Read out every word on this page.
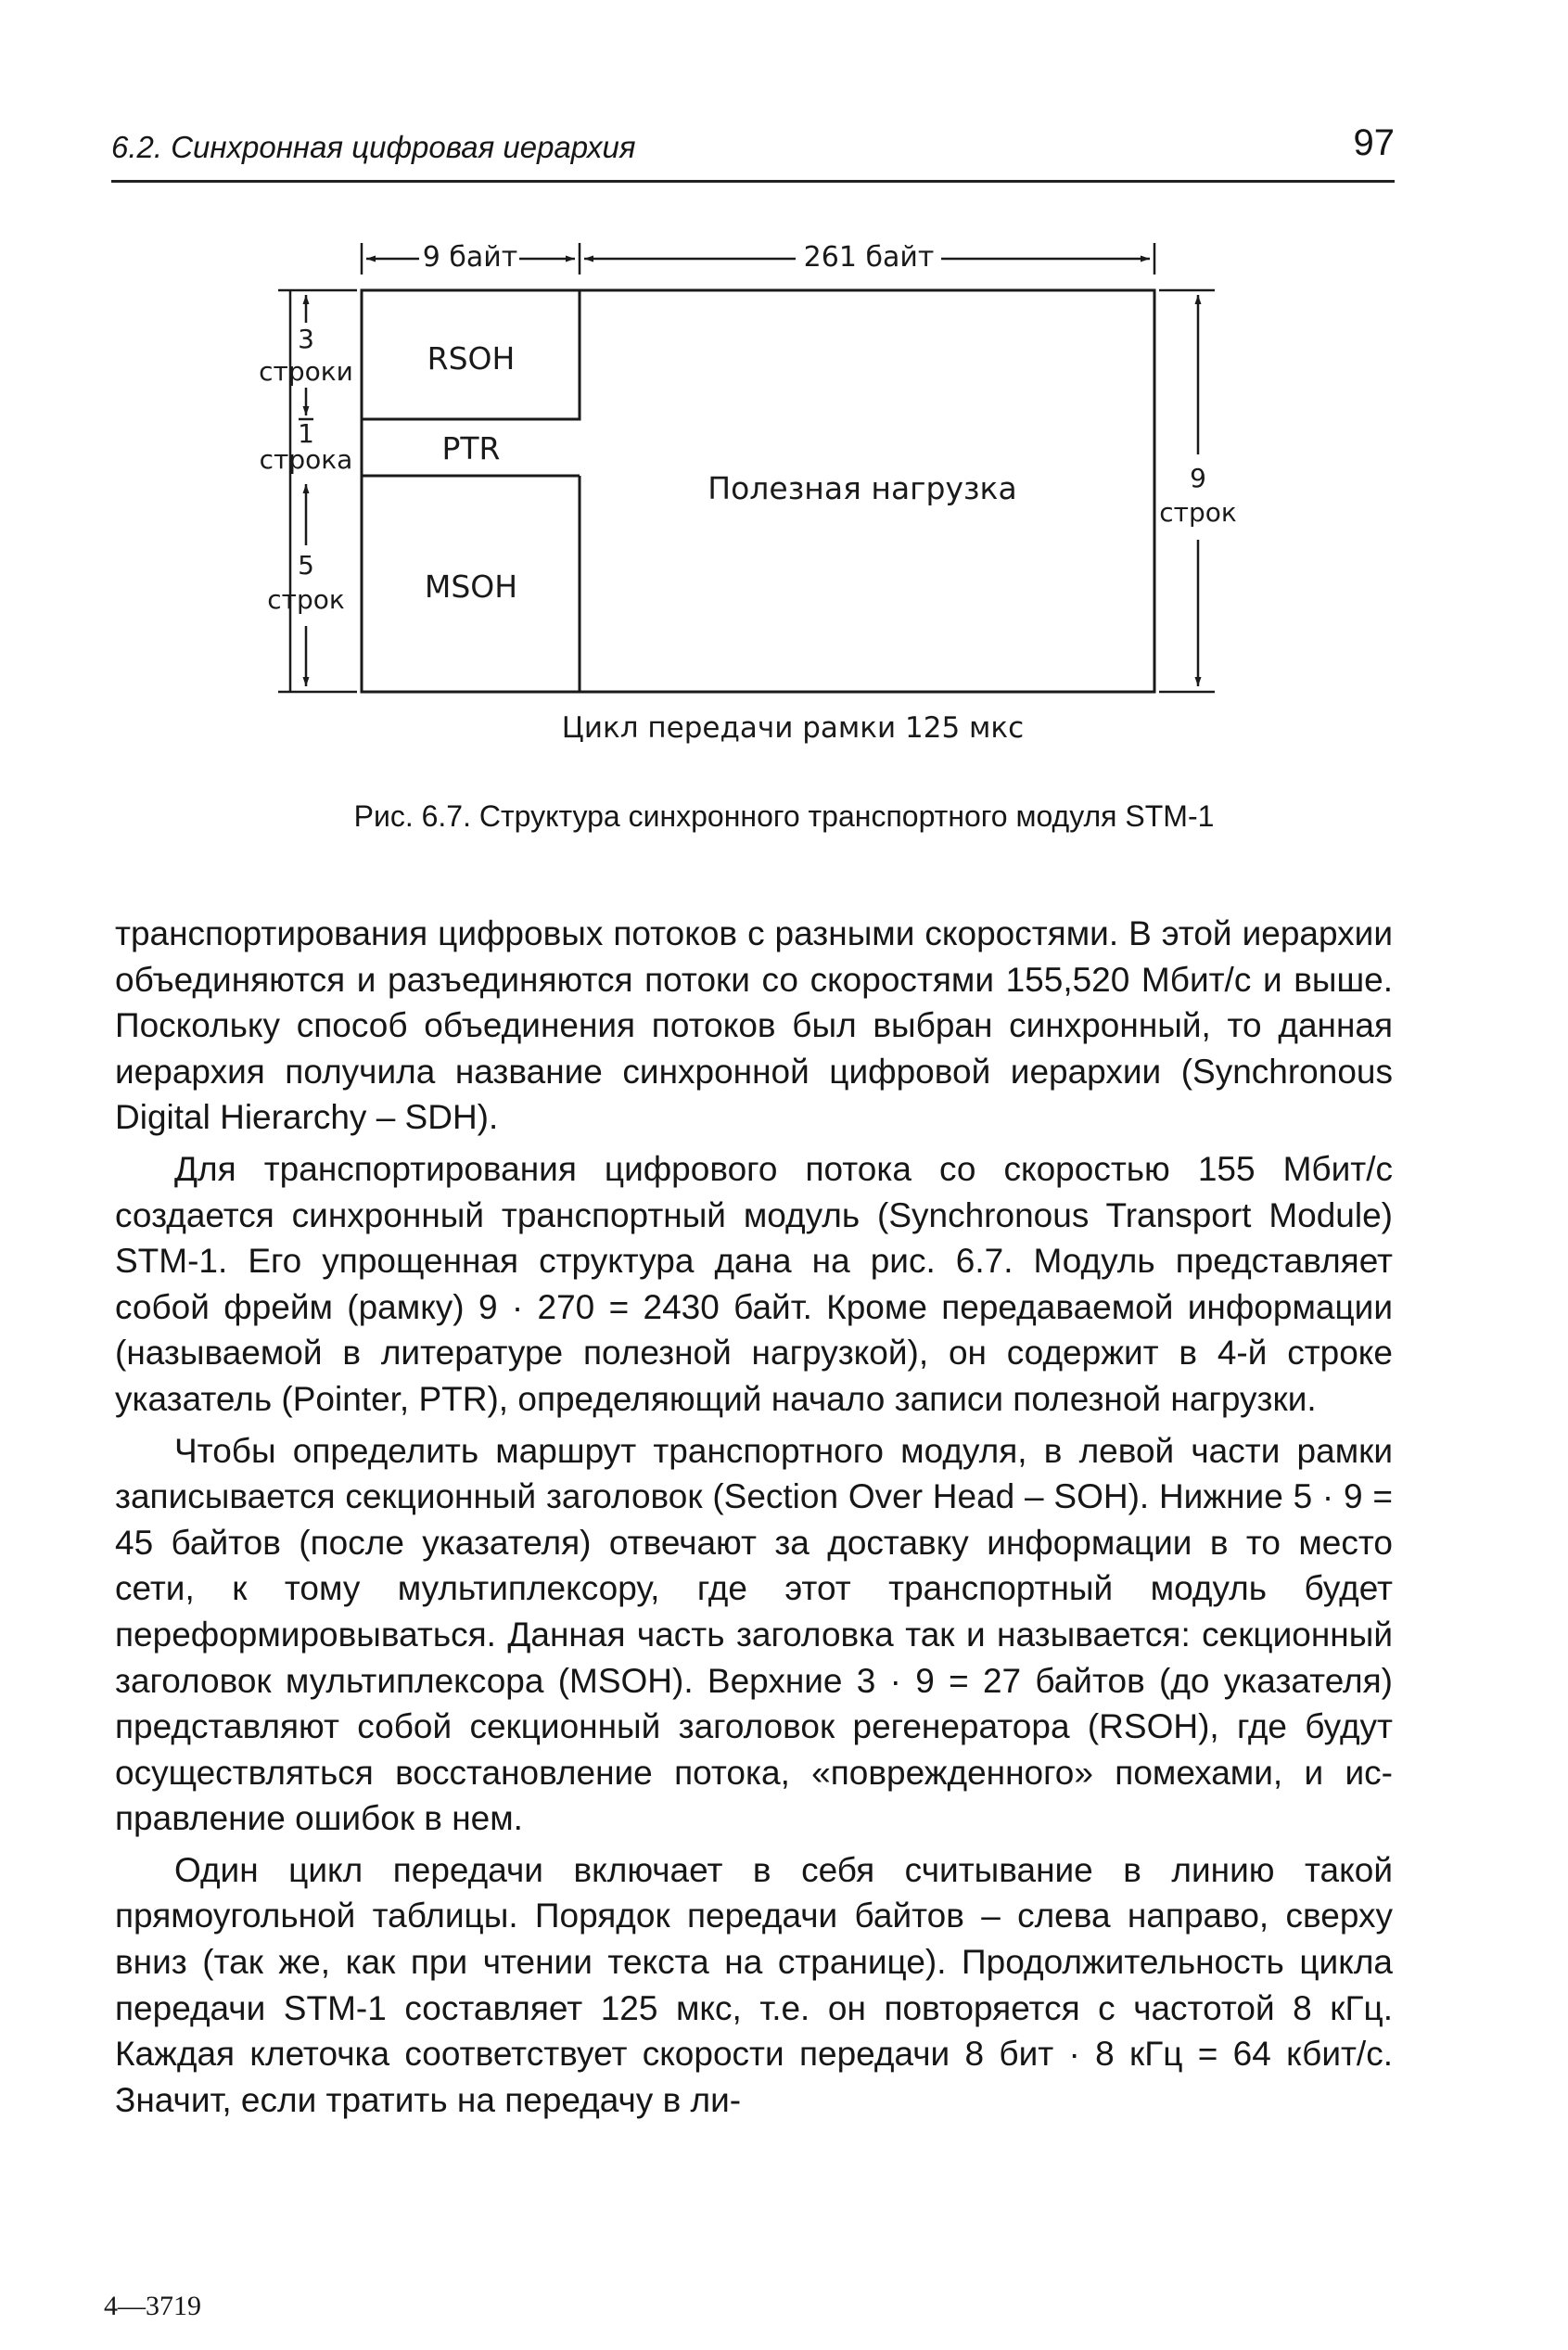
6.2. Синхронная цифровая иерархия	97
9 байт	261 байт
RSOH
PTR
MSOH
Полезная нагрузка
3
строки
1
строка
5
строк
9
строк
Цикл передачи рамки 125 мкс
Рис. 6.7. Структура синхронного транспортного модуля STM-1

транспортирования цифровых потоков с разными скоростями. В этой иерархии объединяются и разъединяются потоки со скоростями 155,520 Мбит/с и выше. Поскольку способ объединения потоков был выбран синхронный, то данная иерархия получила название синхронной цифровой иерархии (Synchronous Digital Hierarchy – SDH).

Для транспортирования цифрового потока со скоростью 155 Мбит/с создается синхронный транспортный модуль (Synchronous Transport Module) STM-1. Его упрощенная структура дана на рис. 6.7. Модуль представляет собой фрейм (рамку) 9 · 270 = 2430 байт. Кроме передаваемой информации (называемой в литературе полезной нагрузкой), он содержит в 4-й строке указатель (Pointer, PTR), определяющий начало записи полезной нагрузки.

Чтобы определить маршрут транспортного модуля, в левой части рамки записывается секционный заголовок (Section Over Head – SOH). Нижние 5 · 9 = 45 байтов (после указателя) отвечают за доставку информации в то место сети, к тому мультиплексору, где этот транспортный модуль будет переформировываться. Данная часть заголовка так и называется: секционный заголовок мультиплексора (MSOH). Верхние 3 · 9 = 27 байтов (до указателя) представляют собой секционный заголовок регенератора (RSOH), где будут осуществляться восстановление потока, «поврежденного» помехами, и исправление ошибок в нем.

Один цикл передачи включает в себя считывание в линию такой прямоугольной таблицы. Порядок передачи байтов – слева направо, сверху вниз (так же, как при чтении текста на странице). Продолжительность цикла передачи STM-1 составляет 125 мкс, т.е. он повторяется с частотой 8 кГц. Каждая клеточка соответствует скорости передачи 8 бит · 8 кГц = 64 кбит/с. Значит, если тратить на передачу в ли-

4—3719
